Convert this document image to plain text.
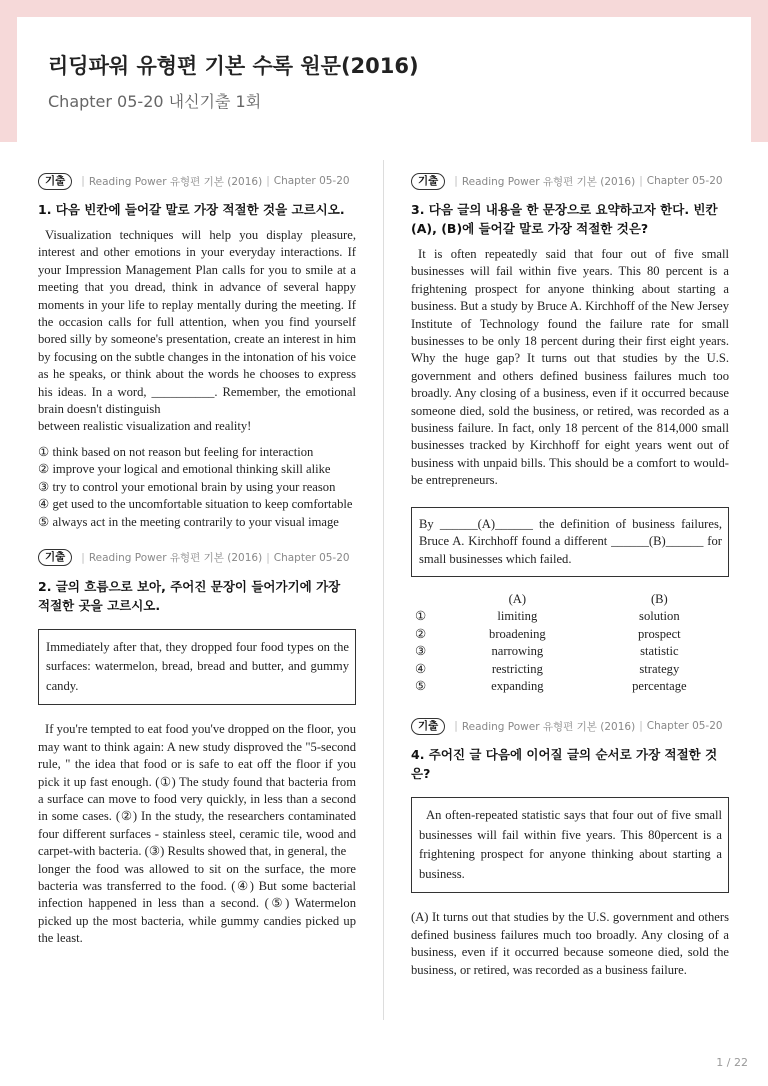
리딩파워 유형편 기본 수록 원문(2016)

Chapter 05-20 내신기출 1회

기출	| Reading Power 유형편 기본 (2016) | Chapter 05-20
1. 다음 빈칸에 들어갈 말로 가장 적절한 것을 고르시오.

Visualization techniques will help you display pleasure, interest and other emotions in your everyday interactions. If your Impression Management Plan calls for you to smile at a meeting that you dread, think in advance of several happy moments in your life to replay mentally during the meeting. If the occasion calls for full attention, when you find yourself bored silly by someone's presentation, create an interest in him by focusing on the subtle changes in the intonation of his voice as he speaks, or think about the words he chooses to express his ideas. In a word, __________. Remember, the emotional brain doesn't distinguish

between realistic visualization and reality!

① think based on not reason but feeling for interaction

② improve your logical and emotional thinking skill alike

③ try to control your emotional brain by using your reason

④ get used to the uncomfortable situation to keep comfortable

⑤ always act in the meeting contrarily to your visual image

기출	| Reading Power 유형편 기본 (2016) | Chapter 05-20
2. 글의 흐름으로 보아, 주어진 문장이 들어가기에 가장 적절한 곳을 고르시오.
Immediately after that, they dropped four food types on the surfaces: watermelon, bread, bread and butter, and gummy candy.

If you're tempted to eat food you've dropped on the floor, you may want to think again: A new study disproved the "5-second rule, " the idea that food or is safe to eat off the floor if you pick it up fast enough. (①) The study found that bacteria from a surface can move to food very quickly, in less than a second in some cases. (②) In the study, the researchers contaminated four different surfaces - stainless steel, ceramic tile, wood and carpet-with bacteria. (③) Results showed that, in general, the

longer the food was allowed to sit on the surface, the more bacteria was transferred to the food. (④) But some bacterial infection happened in less than a second. (⑤) Watermelon picked up the most bacteria, while gummy candies picked up the least.

기출	| Reading Power 유형편 기본 (2016) | Chapter 05-20
3. 다음 글의 내용을 한 문장으로 요약하고자 한다. 빈칸 (A), (B)에 들어갈 말로 가장 적절한 것은?

It is often repeatedly said that four out of five small businesses will fail within five years. This 80 percent is a frightening prospect for anyone thinking about starting a business. But a study by Bruce A. Kirchhoff of the New Jersey Institute of Technology found the failure rate for small businesses to be only 18 percent during their first eight years. Why the huge gap? It turns out that studies by the U.S. government and others defined business failures much too broadly. Any closing of a business, even if it occurred because someone died, sold the business, or retired, was recorded as a business failure. In fact, only 18 percent of the 814,000 small businesses tracked by Kirchhoff for eight years went out of business with unpaid bills. This should be a comfort to would-be entrepreneurs.

By ______(A)______ the definition of business failures, Bruce A. Kirchhoff found a different ______(B)______ for small businesses which failed.
	(A)	(B)
①	limiting	solution
②	broadening	prospect
③	narrowing	statistic
④	restricting	strategy
⑤	expanding	percentage
기출	| Reading Power 유형편 기본 (2016) | Chapter 05-20
4. 주어진 글 다음에 이어질 글의 순서로 가장 적절한 것은?
An often-repeated statistic says that four out of five small businesses will fail within five years. This 80percent is a frightening prospect for anyone thinking about starting a business.

(A) It turns out that studies by the U.S. government and others defined business failures much too broadly. Any closing of a business, even if it occurred because someone died, sold the business, or retired, was recorded as a business failure.

1 / 22
